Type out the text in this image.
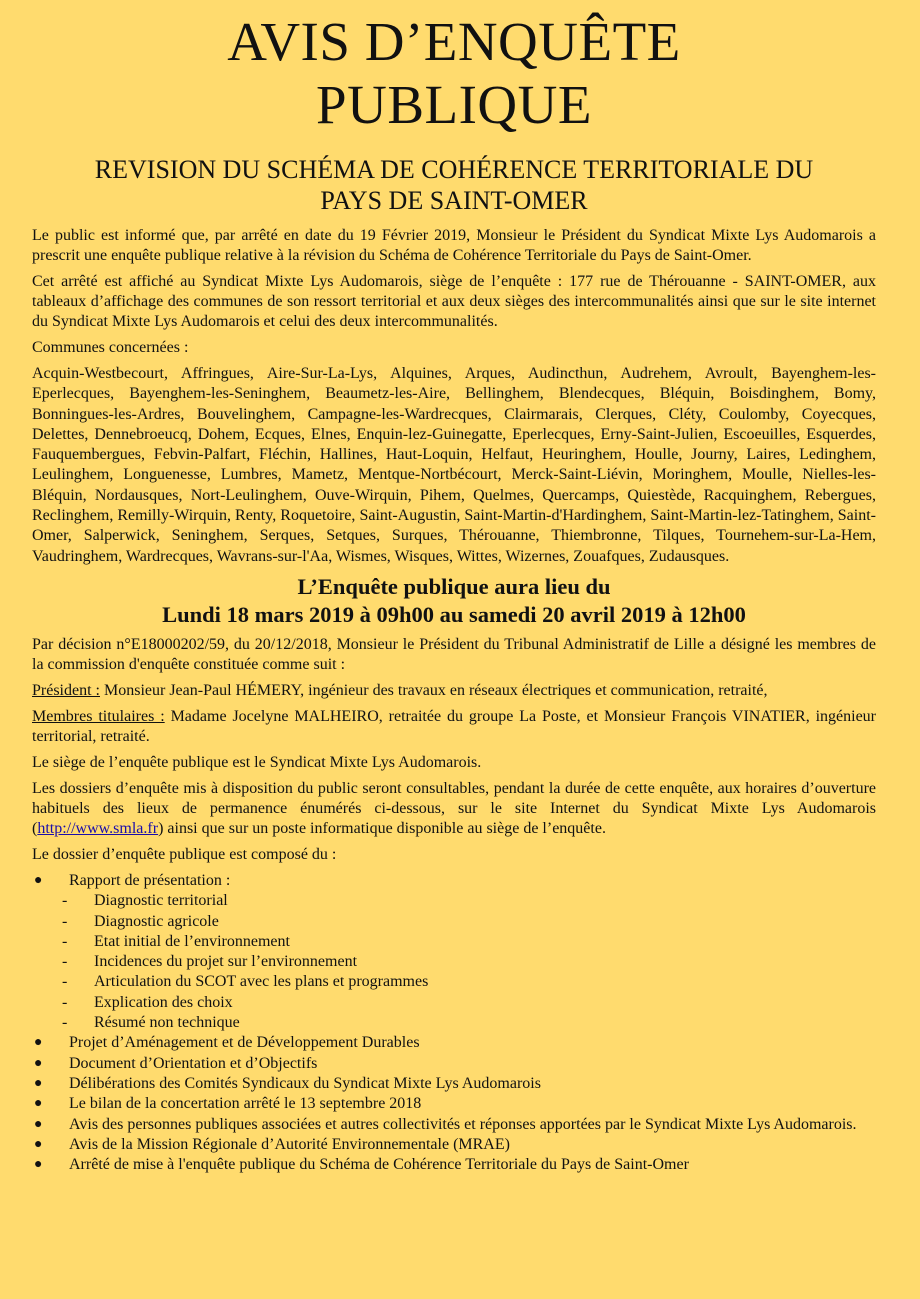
AVIS D’ENQUÊTE
PUBLIQUE
REVISION DU SCHÉMA DE COHÉRENCE TERRITORIALE DU
PAYS DE SAINT-OMER

Le public est informé que, par arrêté en date du 19 Février 2019, Monsieur le Président du Syndicat Mixte Lys Audomarois a prescrit une enquête publique relative à la révision du Schéma de Cohérence Territoriale du Pays de Saint-Omer.

Cet arrêté est affiché au Syndicat Mixte Lys Audomarois, siège de l’enquête : 177 rue de Thérouanne - SAINT-OMER, aux tableaux d’affichage des communes de son ressort territorial et aux deux sièges des intercommunalités ainsi que sur le site internet du Syndicat Mixte Lys Audomarois et celui des deux intercommunalités.

Communes concernées :

Acquin-Westbecourt, Affringues, Aire-Sur-La-Lys, Alquines, Arques, Audincthun, Audrehem, Avroult, Bayenghem-les-Eperlecques, Bayenghem-les-Seninghem, Beaumetz-les-Aire, Bellinghem, Blendecques, Bléquin, Boisdinghem, Bomy, Bonningues-les-Ardres, Bouvelinghem, Campagne-les-Wardrecques, Clairmarais, Clerques, Cléty, Coulomby, Coyecques, Delettes, Dennebroeucq, Dohem, Ecques, Elnes, Enquin-lez-Guinegatte, Eperlecques, Erny-Saint-Julien, Escoeuilles, Esquerdes, Fauquembergues, Febvin-Palfart, Fléchin, Hallines, Haut-Loquin, Helfaut, Heuringhem, Houlle, Journy, Laires, Ledinghem, Leulinghem, Longuenesse, Lumbres, Mametz, Mentque-Nortbécourt, Merck-Saint-Liévin, Moringhem, Moulle, Nielles-les-Bléquin, Nordausques, Nort-Leulinghem, Ouve-Wirquin, Pihem, Quelmes, Quercamps, Quiestède, Racquinghem, Rebergues, Reclinghem, Remilly-Wirquin, Renty, Roquetoire, Saint-Augustin, Saint-Martin-d'Hardinghem, Saint-Martin-lez-Tatinghem, Saint-Omer, Salperwick, Seninghem, Serques, Setques, Surques, Thérouanne, Thiembronne, Tilques, Tournehem-sur-La-Hem, Vaudringhem, Wardrecques, Wavrans-sur-l'Aa, Wismes, Wisques, Wittes, Wizernes, Zouafques, Zudausques.
L’Enquête publique aura lieu du
Lundi 18 mars 2019 à 09h00 au samedi 20 avril 2019 à 12h00

Par décision n°E18000202/59, du 20/12/2018, Monsieur le Président du Tribunal Administratif de Lille a désigné les membres de la commission d'enquête constituée comme suit :

Président : Monsieur Jean-Paul HÉMERY, ingénieur des travaux en réseaux électriques et communication, retraité,

Membres titulaires : Madame Jocelyne MALHEIRO, retraitée du groupe La Poste, et Monsieur François VINATIER, ingénieur territorial, retraité.

Le siège de l’enquête publique est le Syndicat Mixte Lys Audomarois.

Les dossiers d’enquête mis à disposition du public seront consultables, pendant la durée de cette enquête, aux horaires d’ouverture habituels des lieux de permanence énumérés ci-dessous, sur le site Internet du Syndicat Mixte Lys Audomarois (http://www.smla.fr) ainsi que sur un poste informatique disponible au siège de l’enquête.

Le dossier d’enquête publique est composé du :

● Rapport de présentation :
- Diagnostic territorial
- Diagnostic agricole
- Etat initial de l’environnement
- Incidences du projet sur l’environnement
- Articulation du SCOT avec les plans et programmes
- Explication des choix
- Résumé non technique
● Projet d’Aménagement et de Développement Durables
● Document d’Orientation et d’Objectifs
● Délibérations des Comités Syndicaux du Syndicat Mixte Lys Audomarois
● Le bilan de la concertation arrêté le 13 septembre 2018
● Avis des personnes publiques associées et autres collectivités et réponses apportées par le Syndicat Mixte Lys Audomarois.
● Avis de la Mission Régionale d’Autorité Environnementale (MRAE)
● Arrêté de mise à l'enquête publique du Schéma de Cohérence Territoriale du Pays de Saint-Omer
